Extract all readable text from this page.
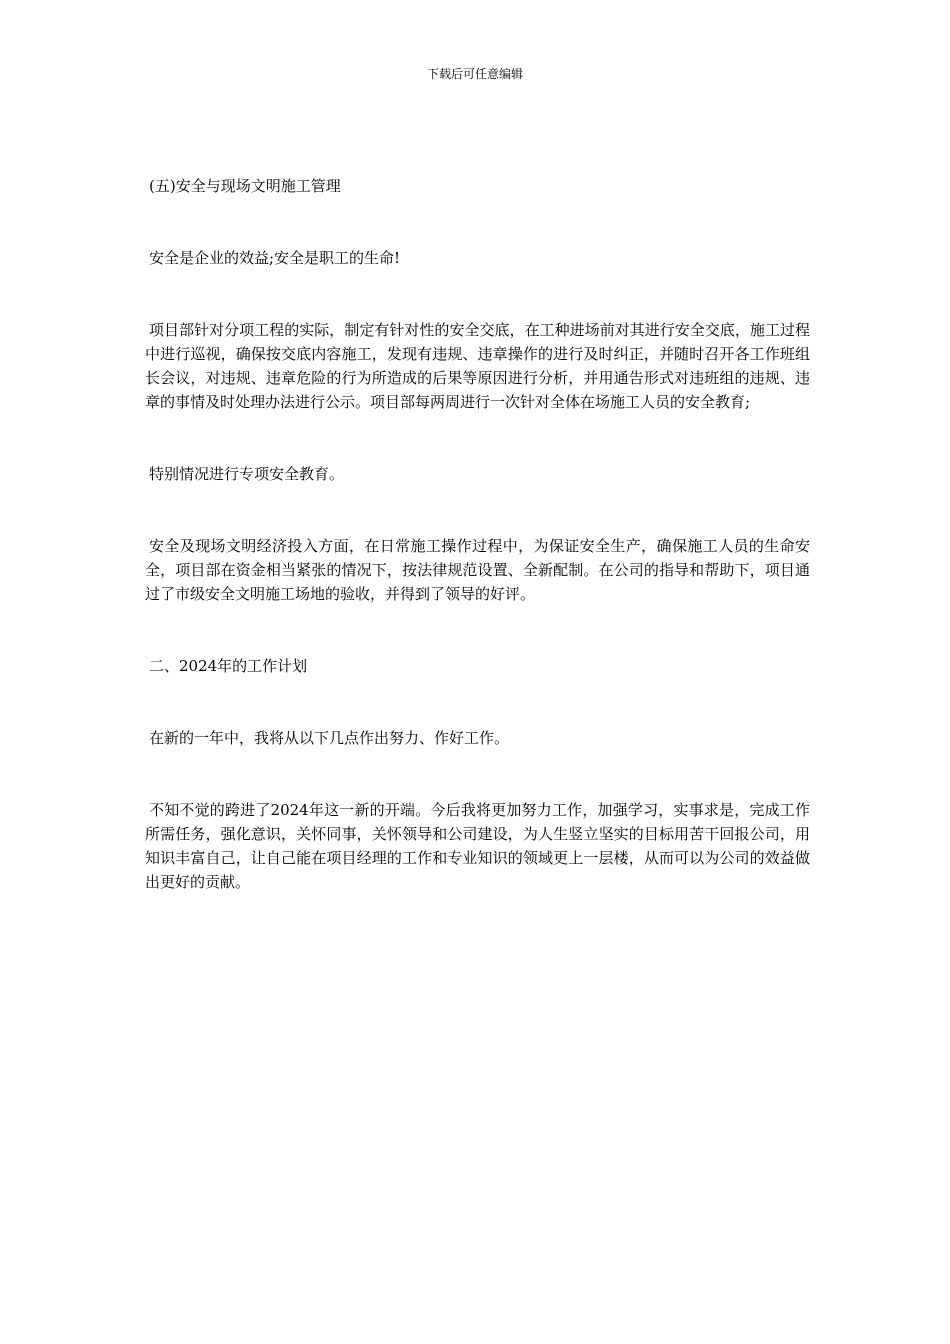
下载后可任意编辑

(五)安全与现场文明施工管理

安全是企业的效益;安全是职工的生命!

项目部针对分项工程的实际，制定有针对性的安全交底，在工种进场前对其进行安全交底，施工过程中进行巡视，确保按交底内容施工，发现有违规、违章操作的进行及时纠正，并随时召开各工作班组长会议，对违规、违章危险的行为所造成的后果等原因进行分析，并用通告形式对违班组的违规、违章的事情及时处理办法进行公示。项目部每两周进行一次针对全体在场施工人员的安全教育;

特别情况进行专项安全教育。

安全及现场文明经济投入方面，在日常施工操作过程中，为保证安全生产，确保施工人员的生命安全，项目部在资金相当紧张的情况下，按法律规范设置、全新配制。在公司的指导和帮助下，项目通过了市级安全文明施工场地的验收，并得到了领导的好评。

二、2024年的工作计划

在新的一年中，我将从以下几点作出努力、作好工作。

不知不觉的跨进了2024年这一新的开端。今后我将更加努力工作，加强学习，实事求是，完成工作所需任务，强化意识，关怀同事，关怀领导和公司建设，为人生竖立坚实的目标用苦干回报公司，用知识丰富自己，让自己能在项目经理的工作和专业知识的领域更上一层楼，从而可以为公司的效益做出更好的贡献。
